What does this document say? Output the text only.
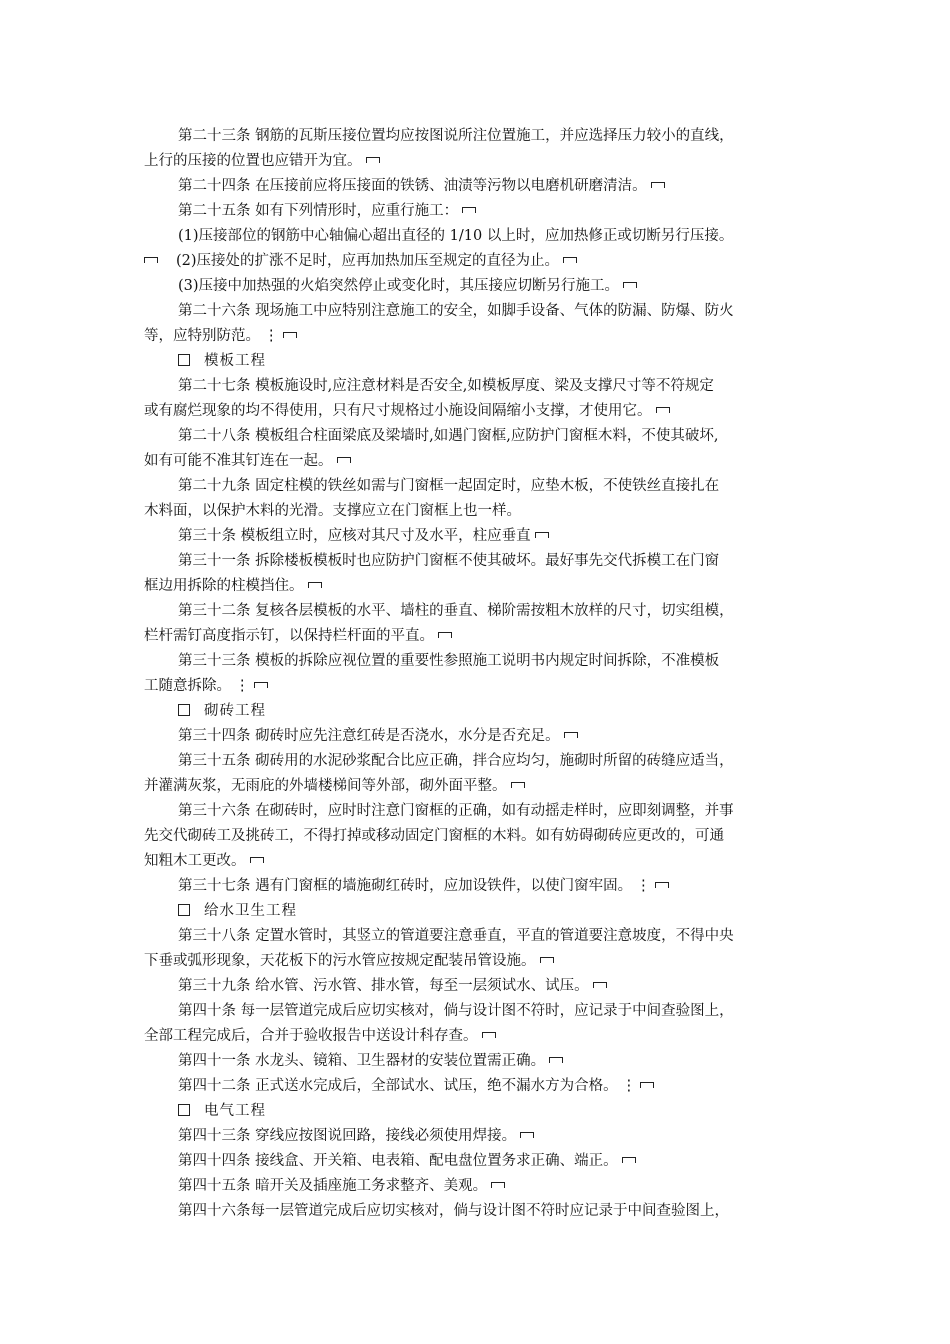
第二十三条 钢筋的瓦斯压接位置均应按图说所注位置施工，并应选择压力较小的直线，
上行的压接的位置也应错开为宜。
第二十四条 在压接前应将压接面的铁锈、油渍等污物以电磨机研磨清洁。
第二十五条 如有下列情形时，应重行施工：
(1)压接部位的钢筋中心轴偏心超出直径的 1/10 以上时，应加热修正或切断另行压接。
(2)压接处的扩涨不足时，应再加热加压至规定的直径为止。
(3)压接中加热强的火焰突然停止或变化时，其压接应切断另行施工。
第二十六条 现场施工中应特别注意施工的安全，如脚手设备、气体的防漏、防爆、防火
等，应特别防范。 ⋮
模板工程
第二十七条 模板施设时,应注意材料是否安全,如模板厚度、梁及支撑尺寸等不符规定
或有腐烂现象的均不得使用，只有尺寸规格过小施设间隔缩小支撑，才使用它。
第二十八条 模板组合柱面梁底及梁墙时,如遇门窗框,应防护门窗框木料，不使其破坏,
如有可能不准其钉连在一起。
第二十九条 固定柱模的铁丝如需与门窗框一起固定时，应垫木板，不使铁丝直接扎在
木料面，以保护木料的光滑。支撑应立在门窗框上也一样。
第三十条 模板组立时，应核对其尺寸及水平，柱应垂直
第三十一条 拆除楼板模板时也应防护门窗框不使其破坏。最好事先交代拆模工在门窗
框边用拆除的柱模挡住。
第三十二条 复核各层模板的水平、墙柱的垂直、梯阶需按粗木放样的尺寸，切实组模，
栏杆需钉高度指示钉，以保持栏杆面的平直。
第三十三条 模板的拆除应视位置的重要性参照施工说明书内规定时间拆除，不准模板
工随意拆除。 ⋮
砌砖工程
第三十四条 砌砖时应先注意红砖是否浇水，水分是否充足。
第三十五条 砌砖用的水泥砂浆配合比应正确，拌合应均匀，施砌时所留的砖缝应适当，
并灌满灰浆，无雨庇的外墙楼梯间等外部，砌外面平整。
第三十六条 在砌砖时，应时时注意门窗框的正确，如有动摇走样时，应即刻调整，并事
先交代砌砖工及挑砖工，不得打掉或移动固定门窗框的木料。如有妨碍砌砖应更改的，可通
知粗木工更改。
第三十七条 遇有门窗框的墙施砌红砖时，应加设铁件，以使门窗牢固。 ⋮
给水卫生工程
第三十八条 定置水管时，其竖立的管道要注意垂直，平直的管道要注意坡度，不得中央
下垂或弧形现象，天花板下的污水管应按规定配装吊管设施。
第三十九条 给水管、污水管、排水管，每至一层须试水、试压。
第四十条 每一层管道完成后应切实核对，倘与设计图不符时，应记录于中间查验图上，
全部工程完成后，合并于验收报告中送设计科存查。
第四十一条 水龙头、镜箱、卫生器材的安装位置需正确。
第四十二条 正式送水完成后，全部试水、试压，绝不漏水方为合格。 ⋮
电气工程
第四十三条 穿线应按图说回路，接线必须使用焊接。
第四十四条 接线盒、开关箱、电表箱、配电盘位置务求正确、端正。
第四十五条 暗开关及插座施工务求整齐、美观。
第四十六条每一层管道完成后应切实核对，倘与设计图不符时应记录于中间查验图上，
